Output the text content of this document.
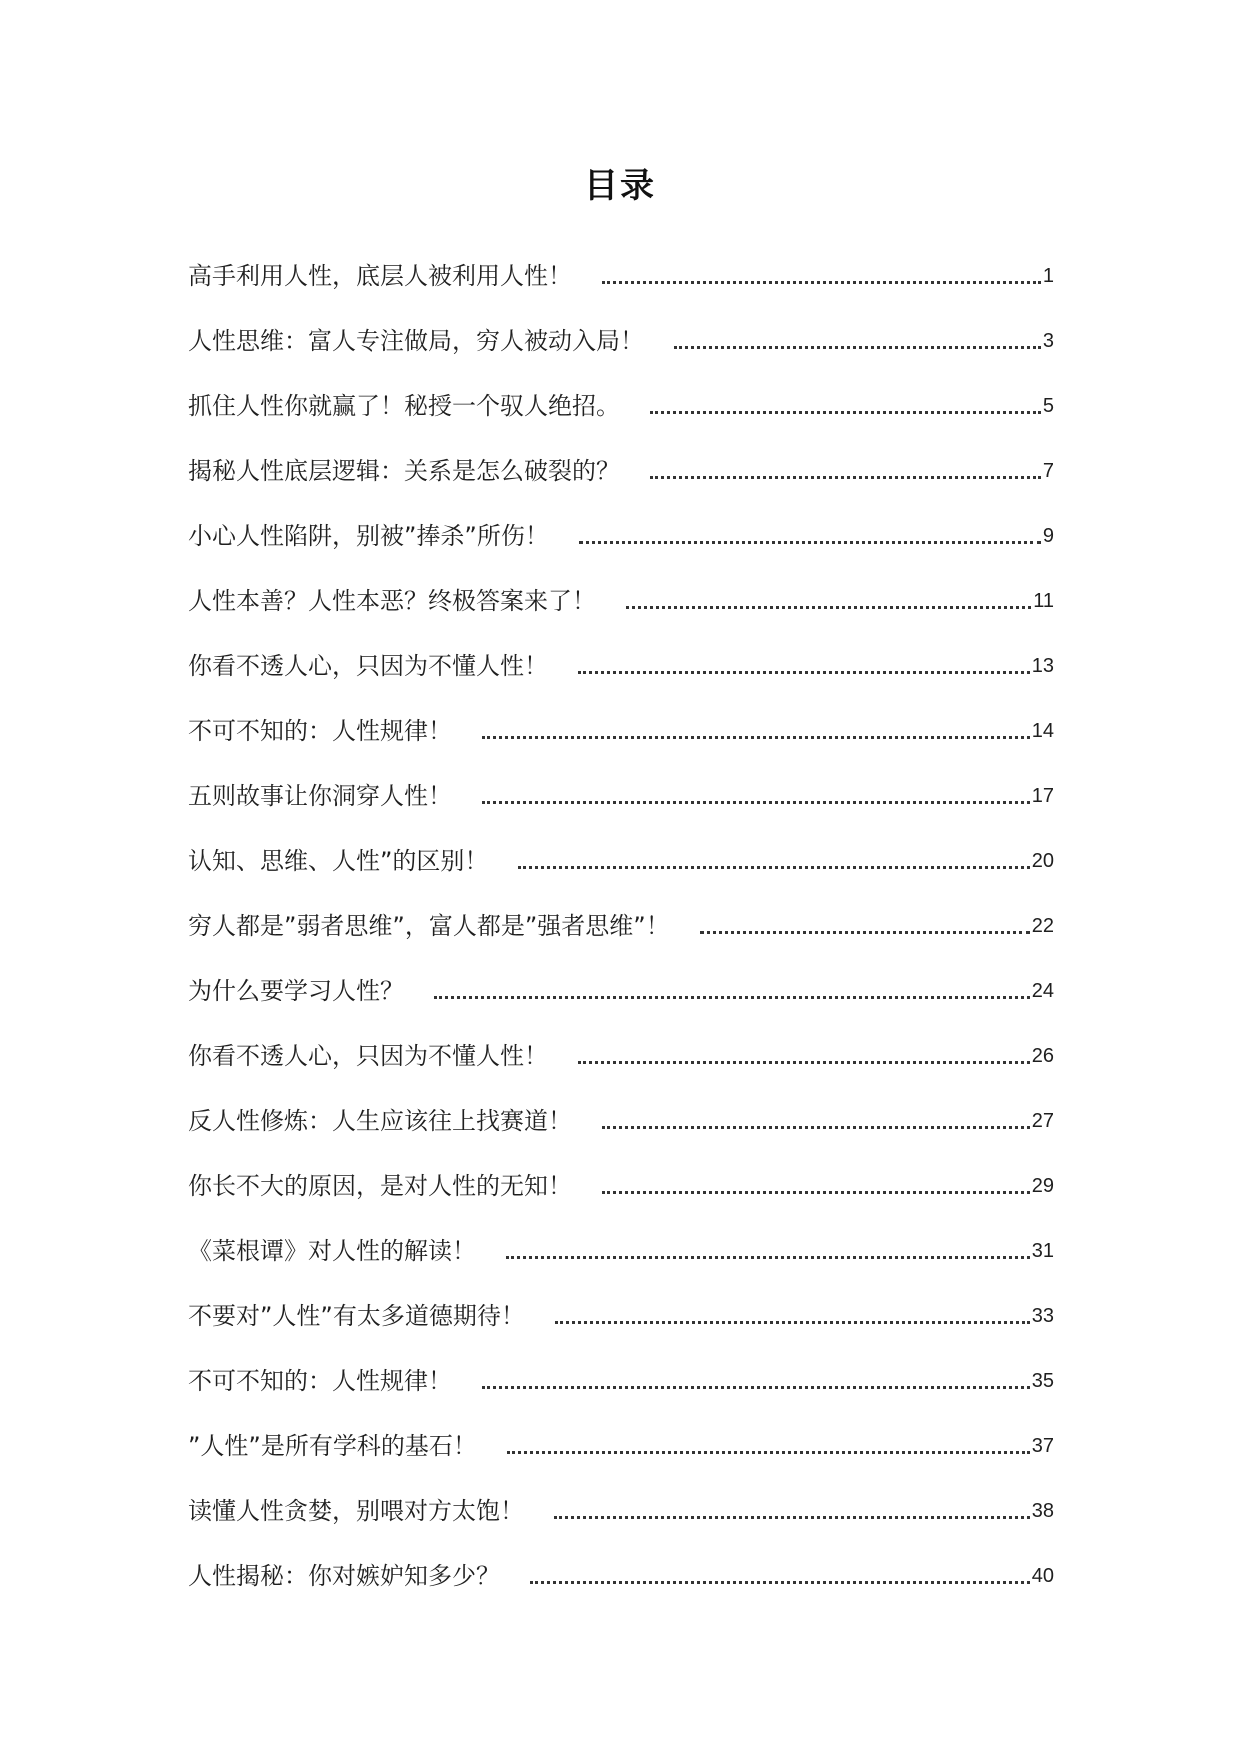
目录
高手利用人性，底层人被利用人性！	1
人性思维：富人专注做局，穷人被动入局！	3
抓住人性你就赢了！秘授一个驭人绝招。	5
揭秘人性底层逻辑：关系是怎么破裂的？	7
小心人性陷阱，别被”捧杀”所伤！	9
人性本善？人性本恶？终极答案来了！	11
你看不透人心，只因为不懂人性！	13
不可不知的：人性规律！	14
五则故事让你洞穿人性！	17
认知、思维、人性”的区别！	20
穷人都是”弱者思维”，富人都是”强者思维”！	22
为什么要学习人性？	24
你看不透人心，只因为不懂人性！	26
反人性修炼：人生应该往上找赛道！	27
你长不大的原因，是对人性的无知！	29
《菜根谭》对人性的解读！	31
不要对”人性”有太多道德期待！	33
不可不知的：人性规律！	35
”人性”是所有学科的基石！	37
读懂人性贪婪，别喂对方太饱！	38
人性揭秘：你对嫉妒知多少？	40
